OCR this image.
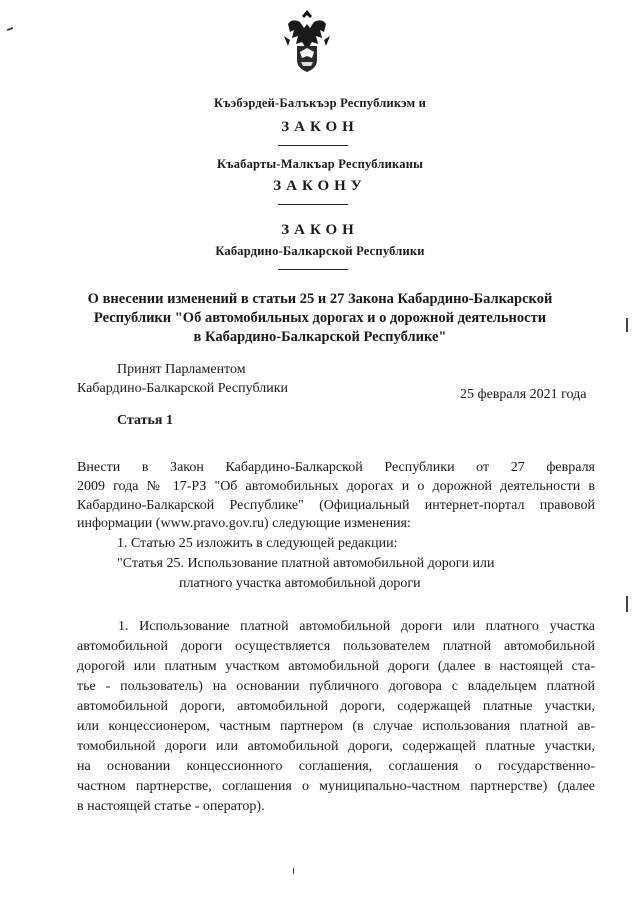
Къэбэрдей-Балъкъэр Республикэм и
ЗАКОН
Къабарты-Малкъар Республиканы
ЗАКОНУ
ЗАКОН
Кабардино-Балкарской Республики
О внесении изменений в статьи 25 и 27 Закона Кабардино-Балкарской
Республики "Об автомобильных дорогах и о дорожной деятельности
в Кабардино-Балкарской Республике"
Принят Парламентом
Кабардино-Балкарской Республики	25 февраля 2021 года
Статья 1
Внести в Закон Кабардино-Балкарской Республики от 27 февраля
2009 года № 17-РЗ "Об автомобильных дорогах и о дорожной деятельности в
Кабардино-Балкарской Республике" (Официальный интернет-портал правовой
информации (www.pravo.gov.ru) следующие изменения:
1. Статью 25 изложить в следующей редакции:
"Статья 25. Использование платной автомобильной дороги или
платного участка автомобильной дороги
1. Использование платной автомобильной дороги или платного участка
автомобильной дороги осуществляется пользователем платной автомобильной
дорогой или платным участком автомобильной дороги (далее в настоящей ста-
тье - пользователь) на основании публичного договора с владельцем платной
автомобильной дороги, автомобильной дороги, содержащей платные участки,
или концессионером, частным партнером (в случае использования платной ав-
томобильной дороги или автомобильной дороги, содержащей платные участки,
на основании концессионного соглашения, соглашения о государственно-
частном партнерстве, соглашения о муниципально-частном партнерстве) (далее
в настоящей статье - оператор).
